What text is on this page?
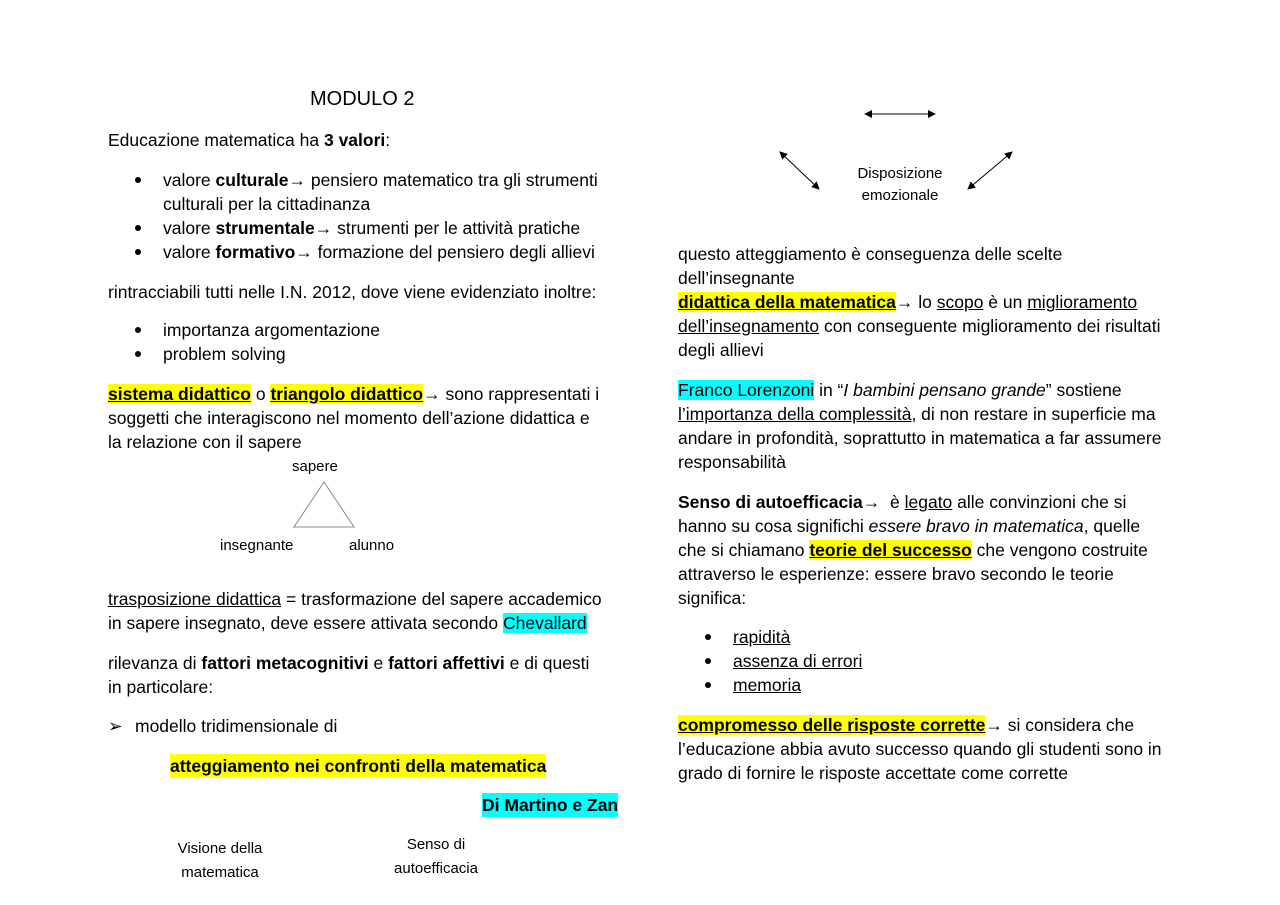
MODULO 2
Educazione matematica ha 3 valori:
valore culturale→ pensiero matematico tra gli strumenti
culturali per la cittadinanza
valore strumentale→ strumenti per le attività pratiche
valore formativo→ formazione del pensiero degli allievi
rintracciabili tutti nelle I.N. 2012, dove viene evidenziato inoltre:
importanza argomentazione
problem solving
sistema didattico o triangolo didattico→ sono rappresentati i
soggetti che interagiscono nel momento dell’azione didattica e
la relazione con il sapere
sapere
insegnante	alunno
trasposizione didattica = trasformazione del sapere accademico
in sapere insegnato, deve essere attivata secondo Chevallard
rilevanza di fattori metacognitivi e fattori affettivi e di questi
in particolare:
➢ modello tridimensionale di
atteggiamento nei confronti della matematica
Di Martino e Zan
Visione della
matematica
Senso di
autoefficacia
Disposizione
emozionale
questo atteggiamento è conseguenza delle scelte
dell’insegnante
didattica della matematica→ lo scopo è un miglioramento
dell’insegnamento con conseguente miglioramento dei risultati
degli allievi
Franco Lorenzoni in “I bambini pensano grande” sostiene
l’importanza della complessità, di non restare in superficie ma
andare in profondità, soprattutto in matematica a far assumere
responsabilità
Senso di autoefficacia→  è legato alle convinzioni che si
hanno su cosa significhi essere bravo in matematica, quelle
che si chiamano teorie del successo che vengono costruite
attraverso le esperienze: essere bravo secondo le teorie
significa:
rapidità
assenza di errori
memoria
compromesso delle risposte corrette→ si considera che
l’educazione abbia avuto successo quando gli studenti sono in
grado di fornire le risposte accettate come corrette
